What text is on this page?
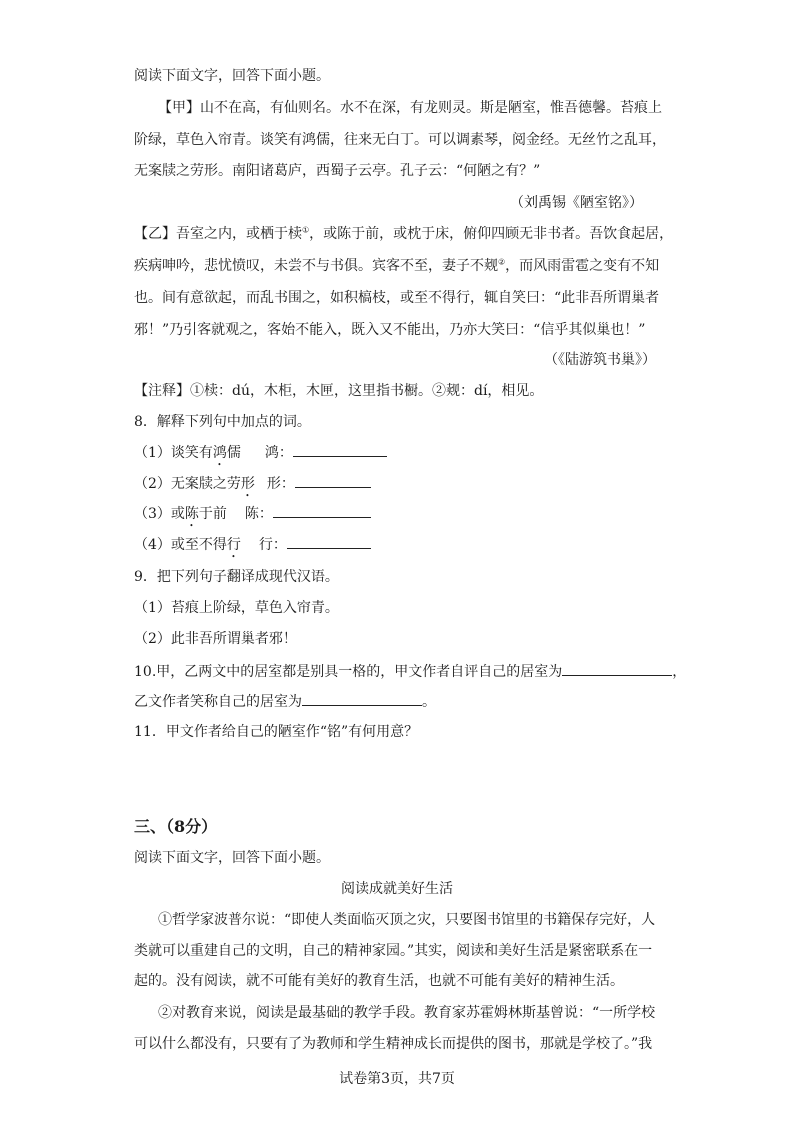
阅读下面文字，回答下面小题。
【甲】山不在高，有仙则名。水不在深，有龙则灵。斯是陋室，惟吾德馨。苔痕上
阶绿，草色入帘青。谈笑有鸿儒，往来无白丁。可以调素琴，阅金经。无丝竹之乱耳，
无案牍之劳形。南阳诸葛庐，西蜀子云亭。孔子云：“何陋之有？”
（刘禹锡《陋室铭》）
【乙】吾室之内，或栖于椟①，或陈于前，或枕于床，俯仰四顾无非书者。吾饮食起居，
疾病呻吟，悲忧愤叹，未尝不与书俱。宾客不至，妻子不觌②，而风雨雷雹之变有不知
也。间有意欲起，而乱书围之，如积槁枝，或至不得行，辄自笑曰：“此非吾所谓巢者
邪！”乃引客就观之，客始不能入，既入又不能出，乃亦大笑曰：“信乎其似巢也！”
（《陆游筑书巢》）
【注释】①椟：dú，木柜，木匣，这里指书橱。②觌：dí，相见。
8．解释下列句中加点的词。
（1）谈笑有鸿儒 鸿：
（2）无案牍之劳形 形：
（3）或陈于前 陈：
（4）或至不得行 行：
9．把下列句子翻译成现代汉语。
（1）苔痕上阶绿，草色入帘青。
（2）此非吾所谓巢者邪！
10.甲，乙两文中的居室都是别具一格的，甲文作者自评自己的居室为	，
乙文作者笑称自己的居室为	。
11．甲文作者给自己的陋室作“铭”有何用意？
三、（8分）
阅读下面文字，回答下面小题。
阅读成就美好生活
①哲学家波普尔说：“即使人类面临灭顶之灾，只要图书馆里的书籍保存完好，人
类就可以重建自己的文明，自己的精神家园。”其实，阅读和美好生活是紧密联系在一
起的。没有阅读，就不可能有美好的教育生活，也就不可能有美好的精神生活。
②对教育来说，阅读是最基础的教学手段。教育家苏霍姆林斯基曾说：“一所学校
可以什么都没有，只要有了为教师和学生精神成长而提供的图书，那就是学校了。”我
试卷第3页，共7页
